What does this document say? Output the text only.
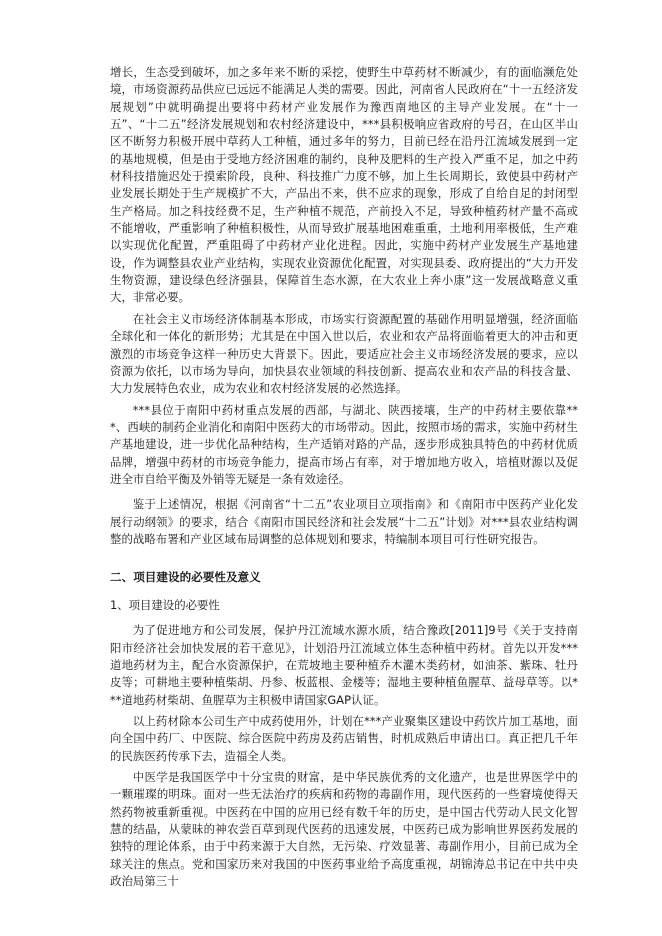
增长，生态受到破坏，加之多年来不断的采挖，使野生中草药材不断减少，有的面临濒危处境，市场资源药品供应已远远不能满足人类的需要。因此，河南省人民政府在“十一五经济发展规划”中就明确提出要将中药材产业发展作为豫西南地区的主导产业发展。在“十一五”、“十二五”经济发展规划和农村经济建设中，***县积极响应省政府的号召，在山区半山区不断努力积极开展中草药人工种植，通过多年的努力，目前已经在沿丹江流域发展到一定的基地规模，但是由于受地方经济困难的制约，良种及肥料的生产投入严重不足，加之中药材科技措施迟处于摸索阶段，良种、科技推广力度不够，加上生长周期长，致使县中药材产业发展长期处于生产规模扩不大，产品出不来，供不应求的现象，形成了自给自足的封闭型生产格局。加之科技经费不足，生产种植不规范，产前投入不足，导致种植药材产量不高或不能增收，严重影响了种植积极性，从而导致扩展基地困难重重，土地利用率极低，生产难以实现优化配置，严重阻碍了中药材产业化进程。因此，实施中药材产业发展生产基地建设，作为调整县农业产业结构，实现农业资源优化配置，对实现县委、政府提出的“大力开发生物资源，建设绿色经济强县，保障首生态水源，在大农业上奔小康”这一发展战略意义重大，非常必要。

在社会主义市场经济体制基本形成，市场实行资源配置的基础作用明显增强，经济面临全球化和一体化的新形势；尤其是在中国入世以后，农业和农产品将面临着更大的冲击和更激烈的市场竞争这样一种历史大背景下。因此，要适应社会主义市场经济发展的要求，应以资源为依托，以市场为导向，加快县农业领域的科技创新、提高农业和农产品的科技含量、大力发展特色农业，成为农业和农村经济发展的必然选择。

***县位于南阳中药材重点发展的西部，与湖北、陕西接壤，生产的中药材主要依靠***、西峡的制药企业消化和南阳中医药大的市场带动。因此，按照市场的需求，实施中药材生产基地建设，进一步优化品种结构，生产适销对路的产品，逐步形成独具特色的中药材优质品牌，增强中药材的市场竞争能力，提高市场占有率，对于增加地方收入，培植财源以及促进全市自给平衡及外销等无疑是一条有效途径。

鉴于上述情况，根据《河南省“十二五”农业项目立项指南》和《南阳市中医药产业化发展行动纲领》的要求，结合《南阳市国民经济和社会发展“十二五”计划》对***县农业结构调整的战略布署和产业区域布局调整的总体规划和要求，特编制本项目可行性研究报告。

二、项目建设的必要性及意义
1、项目建设的必要性

为了促进地方和公司发展，保护丹江流域水源水质，结合豫政[2011]9号《关于支持南阳市经济社会加快发展的若干意见》，计划沿丹江流域立体生态种植中药材。首先以开发***道地药材为主，配合水资源保护，在荒坡地主要种植乔木灌木类药材，如油茶、紫珠、牡丹皮等；可耕地主要种植柴胡、丹参、板蓝根、金楼等；湿地主要种植鱼腥草、益母草等。以***道地药材柴胡、鱼腥草为主积极申请国家GAP认证。

以上药材除本公司生产中成药使用外，计划在***产业聚集区建设中药饮片加工基地，面向全国中药厂、中医院、综合医院中药房及药店销售，时机成熟后申请出口。真正把几千年的民族医药传承下去，造福全人类。

中医学是我国医学中十分宝贵的财富，是中华民族优秀的文化遗产，也是世界医学中的一颗璀璨的明珠。面对一些无法治疗的疾病和药物的毒副作用，现代医药的一些窘境使得天然药物被重新重视。中医药在中国的应用已经有数千年的历史，是中国古代劳动人民文化智慧的结晶，从蒙昧的神农尝百草到现代医药的迅速发展，中医药已成为影响世界医药发展的独特的理论体系，由于中药来源于大自然，无污染、疗效显著、毒副作用小，目前已成为全球关注的焦点。党和国家历来对我国的中医药事业给予高度重视，胡锦涛总书记在中共中央政治局第三十
